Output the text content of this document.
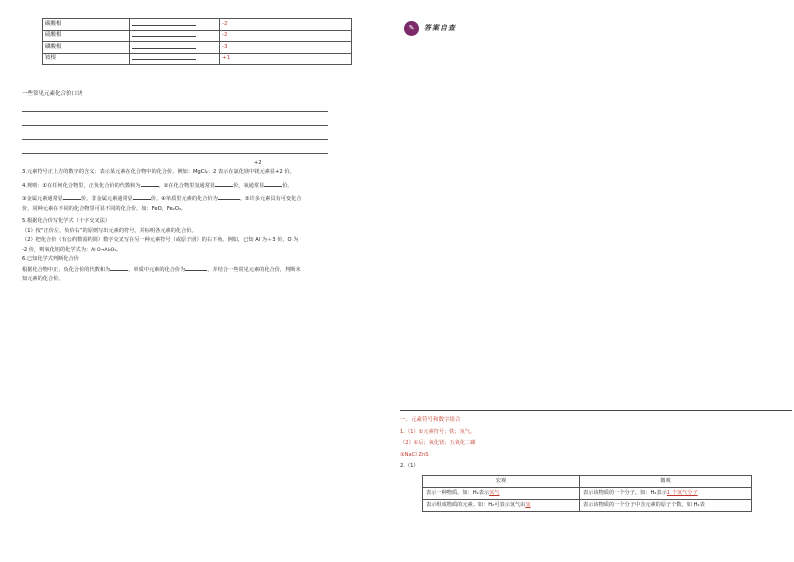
碳酸根		-2
硫酸根		-2
磷酸根		-3
铵根		+1
一些常见元素化合价口诀
+2
3.元素符号正上方的数字的含义：表示某元素在化合物中的化合价。例如：MgCl₂：2 表示在氯化镁中镁元素显+2 价。
4.规则：①在任何化合物里，正负化合价的代数和为	。②在化合物里氢通常显	价，氧通常显	价。
③金属元素通常显	价，非金属元素通常显	价。④单质里元素的化合价为	。⑤许多元素具有可变化合
价，同种元素在不同的化合物里可显不同的化合价，如：FeO，Fe₂O₃。
5.根据化合价写化学式（十字交叉法）
（1）按“正价左，负价右”的原则写出元素的符号，并标明各元素的化合价。
（2）把化合价（有公约数需约简）数字交叉写在另一种元素符号（或原子团）的右下角。例如，已知 Al 为＋3 价，O 为
-2 价，则氧化铝的化学式为：Al O→Al₂O₃。
6.已知化学式判断化合价
根据化合物中正、负化合价的代数和为	，单质中元素的化合价为	，并结合一些常见元素的化合价，判断未
知元素的化合价。
✎	答案自查
一、元素符号和数字组合
1.（1）①元素符号；铁；氖气。
（2）①后；氧化镁；五氧化二磷
③NaCl ZnS
2.（1）
宏观	微观
表示一种物质。如：H₂表示氢气	表示该物质的一个分子。如：H₂表示1 个氢气分子
表示组成物质的元素。如：H₂可表示氢气由氢	表示该物质的一个分子中含元素的原子个数，如 H₂表
